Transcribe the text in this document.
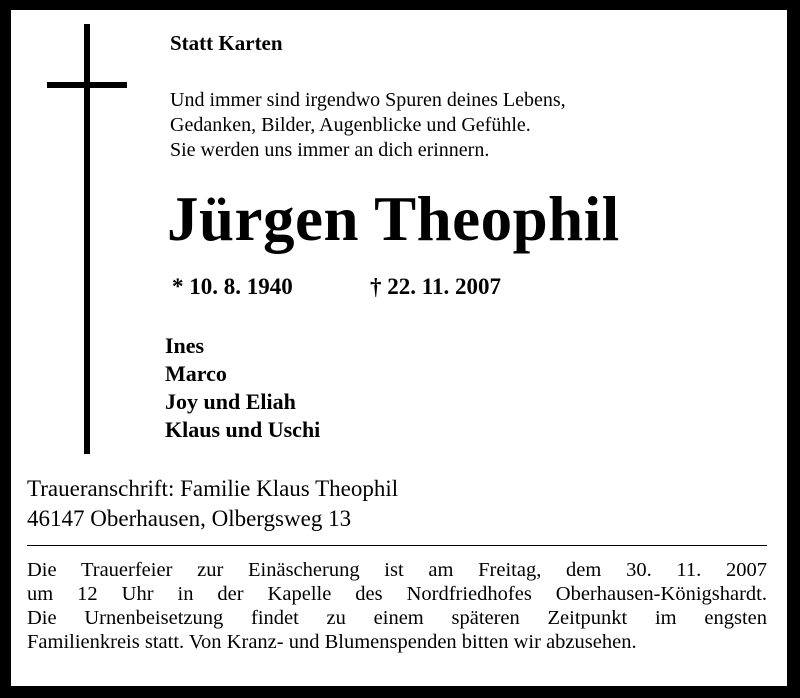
Statt Karten
Und immer sind irgendwo Spuren deines Lebens,
Gedanken, Bilder, Augenblicke und Gefühle.
Sie werden uns immer an dich erinnern.
Jürgen Theophil
* 10. 8. 1940	† 22. 11. 2007
Ines
Marco
Joy und Eliah
Klaus und Uschi
Traueranschrift: Familie Klaus Theophil
46147 Oberhausen, Olbergsweg 13
Die Trauerfeier zur Einäscherung ist am Freitag, dem 30. 11. 2007
um 12 Uhr in der Kapelle des Nordfriedhofes Oberhausen-Königshardt.
Die Urnenbeisetzung findet zu einem späteren Zeitpunkt im engsten
Familienkreis statt. Von Kranz- und Blumenspenden bitten wir abzusehen.
